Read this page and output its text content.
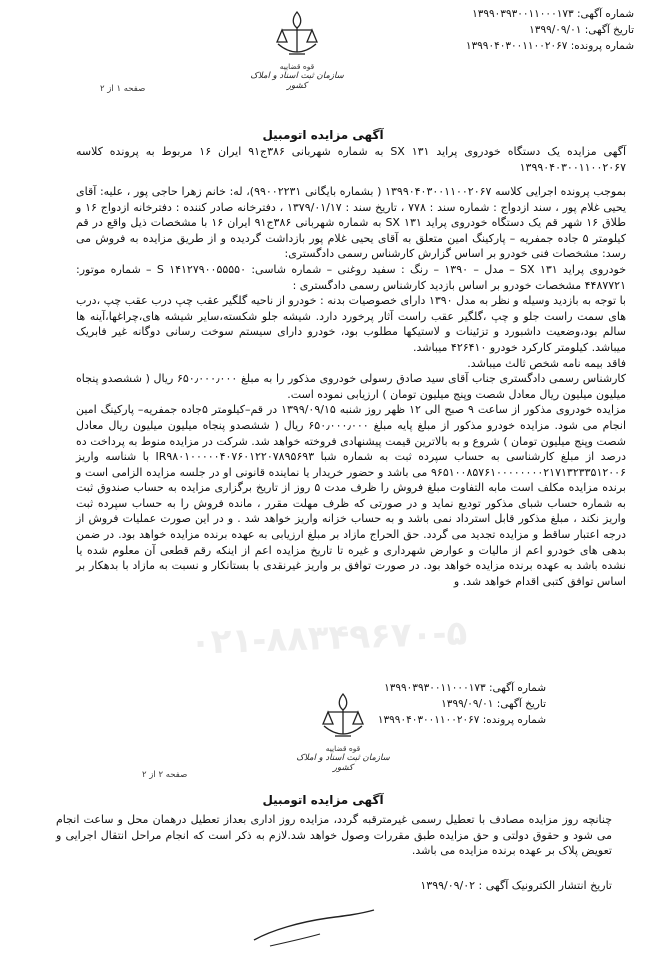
شماره آگهی: ۱۳۹۹۰۳۹۳۰۰۱۱۰۰۰۱۷۳
تاریخ آگهی: ۱۳۹۹/۰۹/۰۱
شماره پرونده: ۱۳۹۹۰۴۰۳۰۰۱۱۰۰۲۰۶۷
قوه قضاییه
سازمان ثبت اسناد و املاک کشور
صفحه ۱ از ۲
آگهی مزایده اتومبیل

آگهی مزایده یک دستگاه خودروی پراید ۱۳۱ SX به شماره شهربانی ۳۸۶ج۹۱ ایران ۱۶ مربوط به پرونده کلاسه ۱۳۹۹۰۴۰۳۰۰۱۱۰۰۲۰۶۷

بموجب پرونده اجرایی کلاسه ۱۳۹۹۰۴۰۳۰۰۱۱۰۰۲۰۶۷ ( بشماره بایگانی ۹۹۰۰۲۲۳۱)، له: خانم زهرا حاجی پور ، علیه: آقای یحیی غلام پور ، سند ازدواج : شماره سند : ۷۷۸ ، تاریخ سند : ۱۳۷۹/۰۱/۱۷ ، دفترخانه صادر کننده : دفترخانه ازدواج ۱۶ و طلاق ۱۶ شهر قم یک دستگاه خودروی پراید ۱۳۱ SX به شماره شهربانی ۳۸۶ج۹۱ ایران ۱۶ با مشخصات ذیل واقع در قم کیلومتر ۵ جاده جمفریه – پارکینگ امین متعلق به آقای یحیی غلام پور بازداشت گردیده و از طریق مزایده به فروش می رسد: مشخصات فنی خودرو بر اساس گزارش کارشناس رسمی دادگستری:

خودروی پراید ۱۳۱ SX – مدل – ۱۳۹۰ – رنگ : سفید روغنی – شماره شاسی: ۱۴۱۲۷۹۰۰۵۵۵۵۰ S – شماره موتور: ۴۴۸۷۷۲۱ مشخصات خودرو بر اساس بازدید کارشناس رسمی دادگستری :

با توجه به بازدید وسیله و نظر به مدل ۱۳۹۰ دارای خصوصیات بدنه : خودرو از ناحیه گلگیر عقب چپ درب عقب چپ ،درب های سمت راست جلو و چپ ،گلگیر عقب راست آثار پرخورد دارد. شیشه جلو شکسته،سایر شیشه های،چراغها،آینه ها سالم بود،وضعیت داشبورد و تزئینات و لاستیکها مطلوب بود، خودرو دارای سیستم سوخت رسانی دوگانه غیر فابریک میباشد. کیلومتر کارکرد خودرو ۴۲۶۴۱۰ میباشد.

فاقد بیمه نامه شخص ثالث میباشد.

کارشناس رسمی دادگستری جناب آقای سید صادق رسولی خودروی مذکور را به مبلغ ۶۵۰٫۰۰۰٫۰۰۰ ریال ( ششصدو پنجاه میلیون میلیون ریال معادل شصت وپنج میلیون تومان ) ارزیابی نموده است.

مزایده خودروی مذکور از ساعت ۹ صبح الی ۱۲ ظهر روز شنبه ۱۳۹۹/۰۹/۱۵ در قم–کیلومتر ۵جاده جمفریه– پارکینگ امین انجام می شود. مزایده خودرو مذکور از مبلغ پایه مبلغ ۶۵۰٫۰۰۰٫۰۰۰ ریال ( ششصدو پنجاه میلیون میلیون ریال معادل شصت وپنج میلیون تومان ) شروع و به بالاترین قیمت پیشنهادی فروخته خواهد شد. شرکت در مزایده منوط به پرداخت ده درصد از مبلغ کارشناسی به حساب سپرده ثبت به شماره شبا IR۹۸۰۱۰۰۰۰۰۴۰۷۶۰۱۲۲۰۷۸۹۵۶۹۳ با شناسه واریز ۹۶۵۱۰۰۸۵۷۶۱۰۰۰۰۰۰۰۰۲۱۷۱۳۲۳۳۵۱۲۰۰۶ می باشد و حضور خریدار یا نماینده قانونی او در جلسه مزایده الزامی است و برنده مزایده مکلف است مابه التفاوت مبلغ فروش را ظرف مدت ۵ روز از تاریخ برگزاری مزایده به حساب صندوق ثبت به شماره حساب شبای مذکور تودیع نماید و در صورتی که ظرف مهلت مقرر ، مانده فروش را به حساب سپرده ثبت واریز نکند ، مبلغ مذکور قابل استرداد نمی باشد و به حساب خزانه واریز خواهد شد . و در این صورت عملیات فروش از درجه اعتبار ساقط و مزایده تجدید می گردد. حق الحراج مازاد بر مبلغ ارزیابی به عهده برنده مزایده خواهد بود. در ضمن بدهی های خودرو اعم از مالیات و عوارض شهرداری و غیره تا تاریخ مزایده اعم از اینکه رقم قطعی آن معلوم شده یا نشده باشد به عهده برنده مزایده خواهد بود. در صورت توافق بر واریز غیرنقدی با بستانکار و نسبت به مازاد با بدهکار بر اساس توافق کتبی اقدام خواهد شد. و

۰۲۱-۸۸۳۴۹۶۷۰-۵
شماره آگهی: ۱۳۹۹۰۳۹۳۰۰۱۱۰۰۰۱۷۳
تاریخ آگهی: ۱۳۹۹/۰۹/۰۱
شماره پرونده: ۱۳۹۹۰۴۰۳۰۰۱۱۰۰۲۰۶۷
قوه قضاییه
سازمان ثبت اسناد و املاک کشور
صفحه ۲ از ۲
آگهی مزایده اتومبیل

چنانچه روز مزایده مصادف با تعطیل رسمی غیرمترقبه گردد، مزایده روز اداری بعداز تعطیل درهمان محل و ساعت انجام می شود و حقوق دولتی و حق مزایده طبق مقررات وصول خواهد شد.لازم به ذکر است که انجام مراحل انتقال اجرایی و تعویض پلاک بر عهده برنده مزایده می باشد.

تاریخ انتشار الکترونیک آگهی : ۱۳۹۹/۰۹/۰۲
